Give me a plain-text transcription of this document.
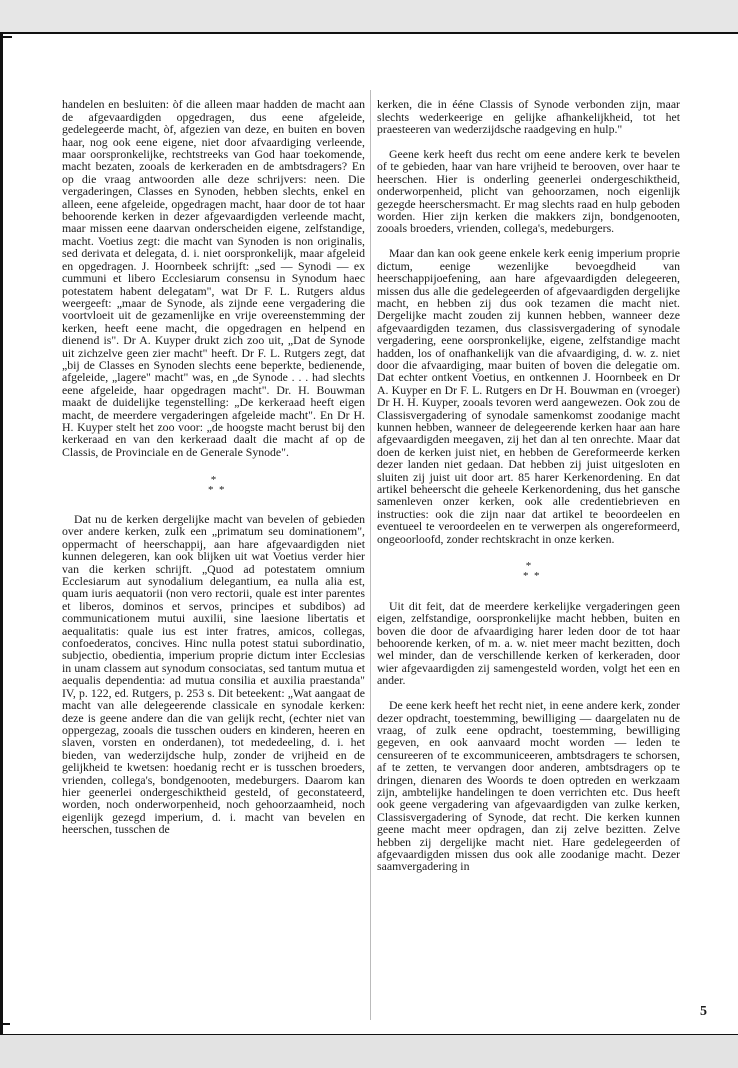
handelen en besluiten: òf die alleen maar hadden de macht aan de afgevaardigden opgedragen, dus eene afgeleide, gedelegeerde macht, òf, afgezien van deze, en buiten en boven haar, nog ook eene eigene, niet door afvaardiging verleende, maar oorspronkelijke, rechtstreeks van God haar toekomende, macht bezaten, zooals de kerkeraden en de ambtsdragers? En op die vraag antwoorden alle deze schrijvers: neen. Die vergaderingen, Classes en Synoden, hebben slechts, enkel en alleen, eene afgeleide, opgedragen macht, haar door de tot haar behoorende kerken in dezer afgevaardigden verleende macht, maar missen eene daarvan onderscheiden eigene, zelfstandige, macht. Voetius zegt: die macht van Synoden is non originalis, sed derivata et delegata, d. i. niet oorspronkelijk, maar afgeleid en opgedragen. J. Hoornbeek schrijft: „sed — Synodi — ex cummuni et libero Ecclesiarum consensu in Synodum haec potestatem habent delegatam", wat Dr F. L. Rutgers aldus weergeeft: „maar de Synode, als zijnde eene vergadering die voortvloeit uit de gezamenlijke en vrije overeenstemming der kerken, heeft eene macht, die opgedragen en helpend en dienend is". Dr A. Kuyper drukt zich zoo uit, „Dat de Synode uit zichzelve geen zier macht" heeft. Dr F. L. Rutgers zegt, dat „bij de Classes en Synoden slechts eene beperkte, bedienende, afgeleide, „lagere" macht" was, en „de Synode . . . had slechts eene afgeleide, haar opgedragen macht". Dr. H. Bouwman maakt de duidelijke tegenstelling: „De kerkeraad heeft eigen macht, de meerdere vergaderingen afgeleide macht". En Dr H. H. Kuyper stelt het zoo voor: „de hoogste macht berust bij den kerkeraad en van den kerkeraad daalt die macht af op de Classis, de Provinciale en de Generale Synode".

*
*  *

Dat nu de kerken dergelijke macht van bevelen of gebieden over andere kerken, zulk een „primatum seu dominationem", oppermacht of heerschappij, aan hare afgevaardigden niet kunnen delegeren, kan ook blijken uit wat Voetius verder hier van die kerken schrijft. „Quod ad potestatem omnium Ecclesiarum aut synodalium delegantium, ea nulla alia est, quam iuris aequatorii (non vero rectorii, quale est inter parentes et liberos, dominos et servos, principes et subdibos) ad communicationem mutui auxilii, sine laesione libertatis et aequalitatis: quale ius est inter fratres, amicos, collegas, confoederatos, concives. Hinc nulla potest statui subordinatio, subjectio, obedientia, imperium proprie dictum inter Ecclesias in unam classem aut synodum consociatas, sed tantum mutua et aequalis dependentia: ad mutua consilia et auxilia praestanda" IV, p. 122, ed. Rutgers, p. 253 s. Dit beteekent: „Wat aangaat de macht van alle delegeerende classicale en synodale kerken: deze is geene andere dan die van gelijk recht, (echter niet van oppergezag, zooals die tusschen ouders en kinderen, heeren en slaven, vorsten en onderdanen), tot mededeeling, d. i. het bieden, van wederzijdsche hulp, zonder de vrijheid en de gelijkheid te kwetsen: hoedanig recht er is tusschen broeders, vrienden, collega's, bondgenooten, medeburgers. Daarom kan hier geenerlei ondergeschiktheid gesteld, of geconstateerd, worden, noch onderworpenheid, noch gehoorzaamheid, noch eigenlijk gezegd imperium, d. i. macht van bevelen en heerschen, tusschen de

kerken, die in ééne Classis of Synode verbonden zijn, maar slechts wederkeerige en gelijke afhankelijkheid, tot het praesteeren van wederzijdsche raadgeving en hulp."

Geene kerk heeft dus recht om eene andere kerk te bevelen of te gebieden, haar van hare vrijheid te berooven, over haar te heerschen. Hier is onderling geenerlei ondergeschiktheid, onderworpenheid, plicht van gehoorzamen, noch eigenlijk gezegde heerschersmacht. Er mag slechts raad en hulp geboden worden. Hier zijn kerken die makkers zijn, bondgenooten, zooals broeders, vrienden, collega's, medeburgers.

Maar dan kan ook geene enkele kerk eenig imperium proprie dictum, eenige wezenlijke bevoegdheid van heerschappijoefening, aan hare afgevaardigden delegeeren, missen dus alle die gedelegeerden of afgevaardigden dergelijke macht, en hebben zij dus ook tezamen die macht niet. Dergelijke macht zouden zij kunnen hebben, wanneer deze afgevaardigden tezamen, dus classisvergadering of synodale vergadering, eene oorspronkelijke, eigene, zelfstandige macht hadden, los of onafhankelijk van die afvaardiging, d. w. z. niet door die afvaardiging, maar buiten of boven die delegatie om. Dat echter ontkent Voetius, en ontkennen J. Hoornbeek en Dr A. Kuyper en Dr F. L. Rutgers en Dr H. Bouwman en (vroeger) Dr H. H. Kuyper, zooals tevoren werd aangewezen. Ook zou de Classisvergadering of synodale samenkomst zoodanige macht kunnen hebben, wanneer de delegeerende kerken haar aan hare afgevaardigden meegaven, zij het dan al ten onrechte. Maar dat doen de kerken juist niet, en hebben de Gereformeerde kerken dezer landen niet gedaan. Dat hebben zij juist uitgesloten en sluiten zij juist uit door art. 85 harer Kerkenordening. En dat artikel beheerscht die geheele Kerkenordening, dus het gansche samenleven onzer kerken, ook alle credentiebrieven en instructies: ook die zijn naar dat artikel te beoordeelen en eventueel te veroordeelen en te verwerpen als ongereformeerd, ongeoorloofd, zonder rechtskracht in onze kerken.

*
*  *

Uit dit feit, dat de meerdere kerkelijke vergaderingen geen eigen, zelfstandige, oorspronkelijke macht hebben, buiten en boven die door de afvaardiging harer leden door de tot haar behoorende kerken, of m. a. w. niet meer macht bezitten, doch wel minder, dan de verschillende kerken of kerkeraden, door wier afgevaardigden zij samengesteld worden, volgt het een en ander.

De eene kerk heeft het recht niet, in eene andere kerk, zonder dezer opdracht, toestemming, bewilliging — daargelaten nu de vraag, of zulk eene opdracht, toestemming, bewilliging gegeven, en ook aanvaard mocht worden — leden te censureeren of te excommuniceeren, ambtsdragers te schorsen, af te zetten, te vervangen door anderen, ambtsdragers op te dringen, dienaren des Woords te doen optreden en werkzaam zijn, ambtelijke handelingen te doen verrichten etc. Dus heeft ook geene vergadering van afgevaardigden van zulke kerken, Classisvergadering of Synode, dat recht. Die kerken kunnen geene macht meer opdragen, dan zij zelve bezitten. Zelve hebben zij dergelijke macht niet. Hare gedelegeerden of afgevaardigden missen dus ook alle zoodanige macht. Dezer saamvergadering in

5
